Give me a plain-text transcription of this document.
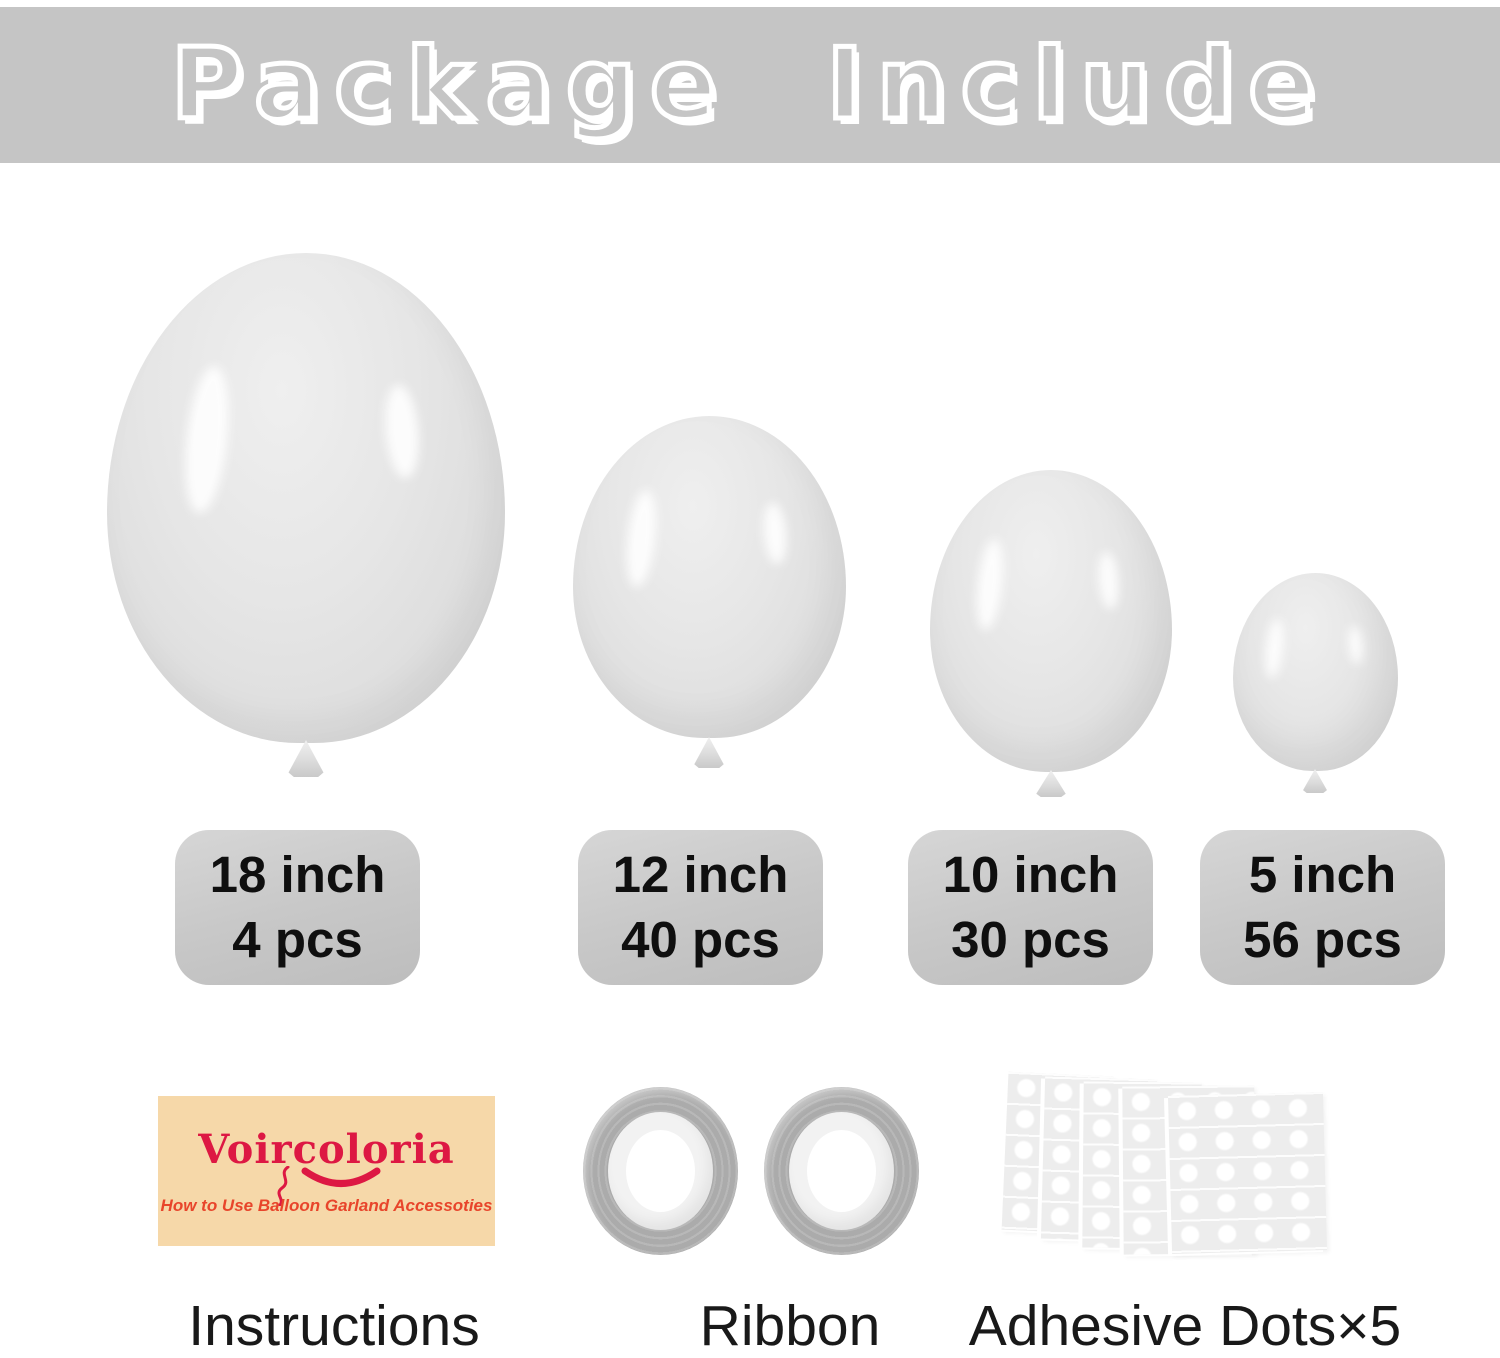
Package Include
18 inch
4 pcs
12 inch
40 pcs
10 inch
30 pcs
5 inch
56 pcs
Voircoloria
How to Use Balloon Garland Accessoties
Instructions	Ribbon Adhesive Dots×5
